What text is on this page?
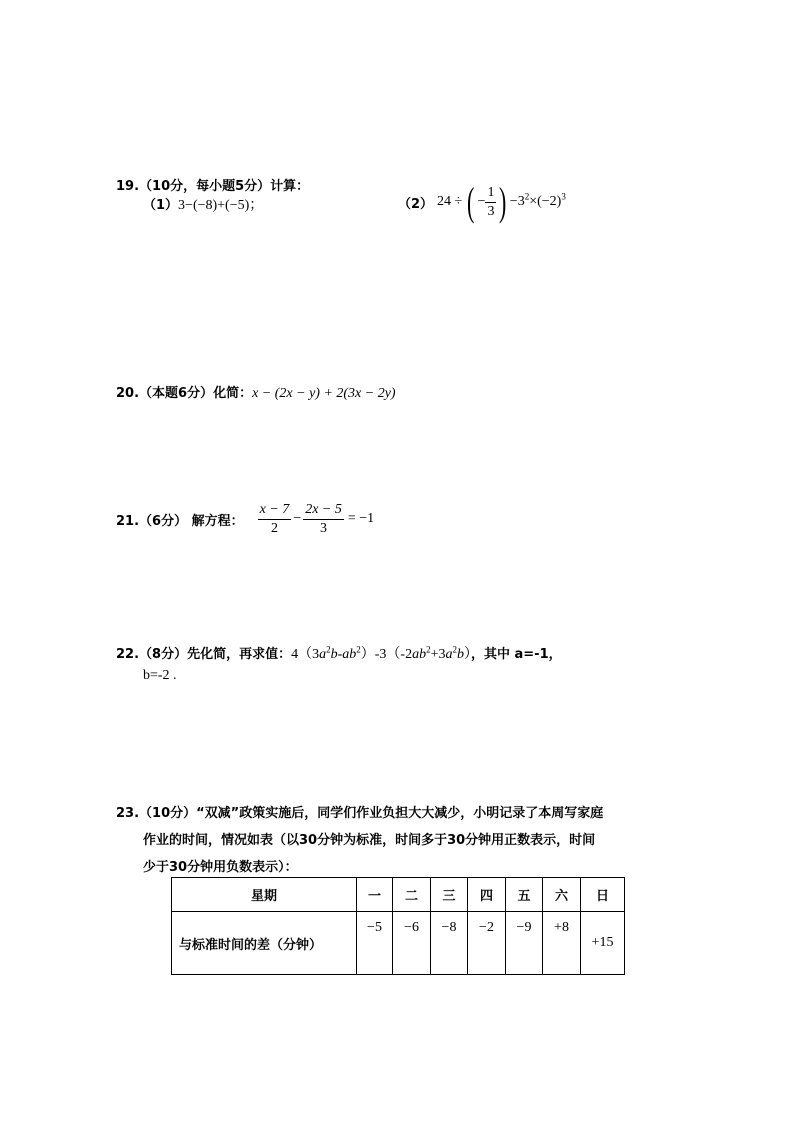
19.（10分，每小题5分）计算：
（1）3−(−8)+(−5)；	（2） 24 ÷ ( − $\frac{1}{3}$ ) $-3^2\times(-2)^3$
20.（本题6分）化简：x − (2x − y) + 2(3x − 2y)
21.（6分） 解方程： $\frac{x - 7}{2} - \frac{2x - 5}{3} = -1$
22.（8分）先化简，再求值：$4(3a^2b-ab^2)-3(-2ab^2+3a^2b)$，其中 a=-1，
b=-2 .
23.（10分）“双减”政策实施后，同学们作业负担大大减少，小明记录了本周写家庭
作业的时间，情况如表（以30分钟为标准，时间多于30分钟用正数表示，时间
少于30分钟用负数表示）：
星期	一	二	三	四	五	六	日
与标准时间的差（分钟）	−5	−6	−8	−2	−9	+8	+15
